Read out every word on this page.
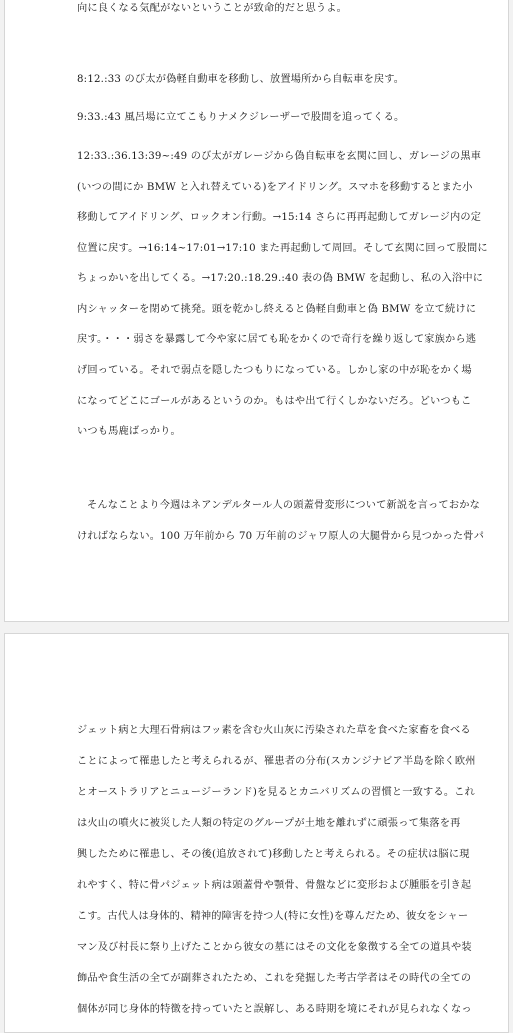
向に良くなる気配がないということが致命的だと思うよ。
8:12.:33 のび太が偽軽自動車を移動し、放置場所から自転車を戻す。
9:33.:43 風呂場に立てこもりナメクジレーザーで股間を追ってくる。
12:33.:36.13:39~:49 のび太がガレージから偽自転車を玄関に回し、ガレージの黒車
(いつの間にか BMW と入れ替えている)をアイドリング。スマホを移動するとまた小
移動してアイドリング、ロックオン行動。→15:14 さらに再再起動してガレージ内の定
位置に戻す。→16:14~17:01→17:10 また再起動して周回。そして玄関に回って股間に
ちょっかいを出してくる。→17:20.:18.29.:40 表の偽 BMW を起動し、私の入浴中に
内シャッターを閉めて挑発。頭を乾かし終えると偽軽自動車と偽 BMW を立て続けに
戻す。・・・弱さを暴露して今や家に居ても恥をかくので奇行を繰り返して家族から逃
げ回っている。それで弱点を隠したつもりになっている。しかし家の中が恥をかく場
になってどこにゴールがあるというのか。もはや出て行くしかないだろ。どいつもこ
いつも馬鹿ばっかり。
そんなことより今週はネアンデルタール人の頭蓋骨変形について新説を言っておかな
ければならない。100 万年前から 70 万年前のジャワ原人の大腿骨から見つかった骨パ
ジェット病と大理石骨病はフッ素を含む火山灰に汚染された草を食べた家畜を食べる
ことによって罹患したと考えられるが、罹患者の分布(スカンジナビア半島を除く欧州
とオーストラリアとニュージーランド)を見るとカニバリズムの習慣と一致する。これ
は火山の噴火に被災した人類の特定のグループが土地を離れずに頑張って集落を再
興したために罹患し、その後(追放されて)移動したと考えられる。その症状は脳に現
れやすく、特に骨パジェット病は頭蓋骨や顎骨、骨盤などに変形および腫脹を引き起
こす。古代人は身体的、精神的障害を持つ人(特に女性)を尊んだため、彼女をシャー
マン及び村長に祭り上げたことから彼女の墓にはその文化を象徴する全ての道具や装
飾品や食生活の全てが副葬されたため、これを発掘した考古学者はその時代の全ての
個体が同じ身体的特徴を持っていたと誤解し、ある時期を境にそれが見られなくなっ
